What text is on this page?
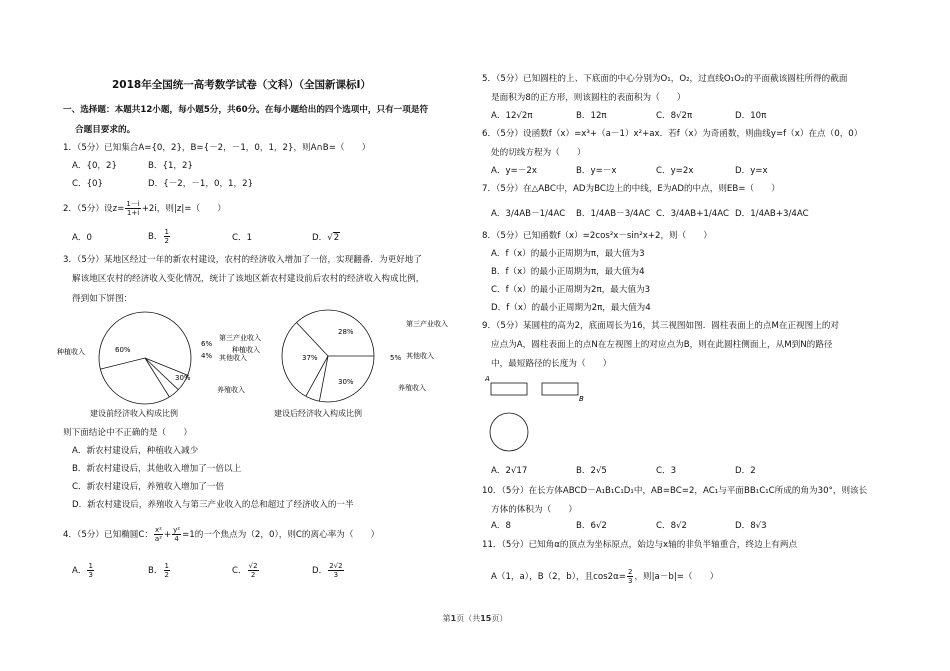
2018年全国统一高考数学试卷（文科）（全国新课标Ⅰ）
一、选择题：本题共12小题，每小题5分，共60分。在每小题给出的四个选项中，只有一项是符
合题目要求的。
1．（5分）已知集合A={0，2}，B={－2，－1，0，1，2}，则A∩B=（　　）
A．{0，2}	B．{1，2}
C．{0}	D．{－2，－1，0，1，2}
2．（5分）设$z= \frac{1-i}{1+i} +2i$，则|z|=（　　）
A．0	B． $\frac{1}{2}$	C．1	D．√2
3．（5分）某地区经过一年的新农村建设，农村的经济收入增加了一倍，实现翻番．为更好地了
解该地区农村的经济收入变化情况，统计了该地区新农村建设前后农村的经济收入构成比例，
得到如下饼图：
60%
6%
4%
30%
种植收入
第三产业收入
其他收入
养殖收入
37%
28%
5%
30%
种植收入
第三产业收入
其他收入
养殖收入
建设前经济收入构成比例	建设后经济收入构成比例
则下面结论中不正确的是（　　）
A．新农村建设后，种植收入减少
B．新农村建设后，其他收入增加了一倍以上
C．新农村建设后，养殖收入增加了一倍
D．新农村建设后，养殖收入与第三产业收入的总和超过了经济收入的一半
4．（5分）已知椭圆C： $\frac{\text{x²}}{\text{a²}} + \frac{\text{y²}}{4} =1$的一个焦点为（2，0），则C的离心率为（　　）
A． $\frac{1}{3}$	B． $\frac{1}{2}$	C． $\frac{√2}{2}$	D． $\frac{2√2}{3}$
5．（5分）已知圆柱的上、下底面的中心分别为O₁，O₂，过直线O₁O₂的平面截该圆柱所得的截面
是面积为8的正方形，则该圆柱的表面积为（　　）
A．12√2π	B．12π	C．8√2π	D．10π
6．（5分）设函数f（x）=x³+（a－1）x²+ax．若f（x）为奇函数，则曲线y=f（x）在点（0，0）
处的切线方程为（　　）
A．y=－2x	B．y=－x	C．y=2x	D．y=x
7．（5分）在△ABC中，AD为BC边上的中线，E为AD的中点，则EB=（　　）
A．3/4AB－1/4AC B．1/4AB－3/4AC C．3/4AB+1/4AC D．1/4AB+3/4AC
8．（5分）已知函数f（x）=2cos²x－sin²x+2，则（　　）
A．f（x）的最小正周期为π，最大值为3
B．f（x）的最小正周期为π，最大值为4
C．f（x）的最小正周期为2π，最大值为3
D．f（x）的最小正周期为2π，最大值为4
9．（5分）某圆柱的高为2，底面周长为16，其三视图如图．圆柱表面上的点M在正视图上的对
应点为A，圆柱表面上的点N在左视图上的对应点为B，则在此圆柱侧面上，从M到N的路径
中，最短路径的长度为（　　）
A
B
A．2√17	B．2√5	C．3	D．2
10．（5分）在长方体ABCD－A₁B₁C₁D₁中，AB=BC=2，AC₁与平面BB₁C₁C所成的角为30°，则该长
方体的体积为（　　）
A．8	B．6√2	C．8√2	D．8√3
11．（5分）已知角α的顶点为坐标原点，始边与x轴的非负半轴重合，终边上有两点
A（1，a），B（2，b），且$\cos 2\alpha= \frac{2}{3}$ ，则|a－b|=（　　）
第1页（共15页）
